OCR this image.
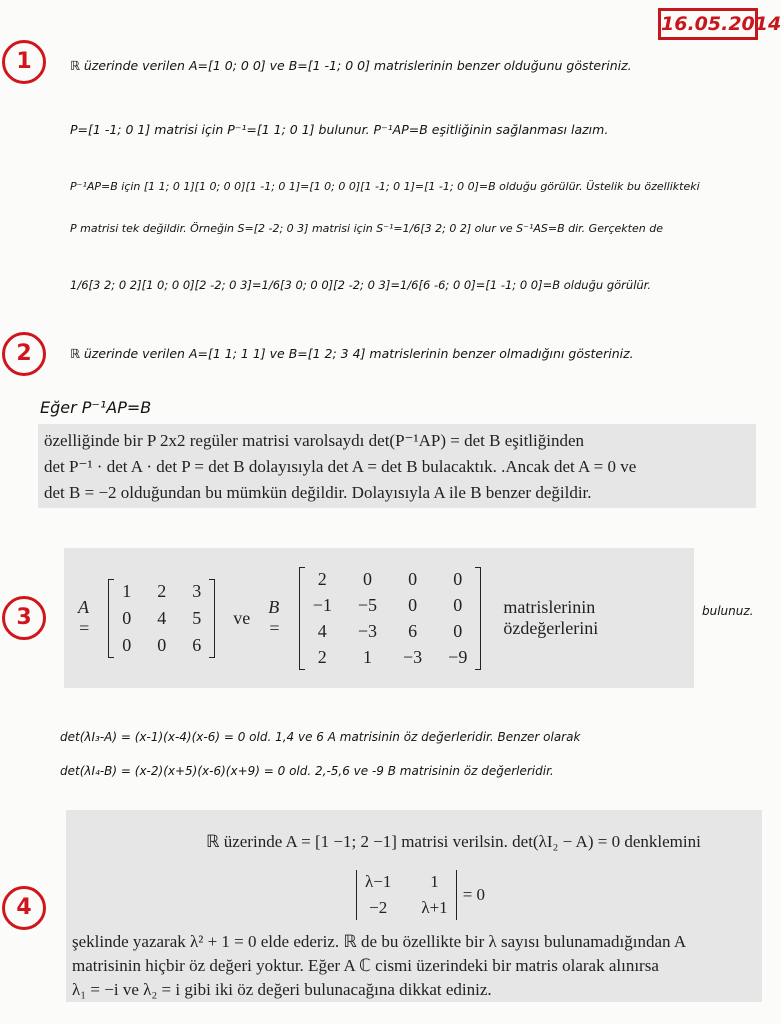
16.05.2014
1	ℝ üzerinde verilen A=[1 0; 0 0] ve B=[1 -1; 0 0] matrislerinin benzer olduğunu gösteriniz.
P=[1 -1; 0 1] matrisi için P⁻¹=[1 1; 0 1] bulunur. P⁻¹AP=B eşitliğinin sağlanması lazım.
P⁻¹AP=B için [1 1; 0 1][1 0; 0 0][1 -1; 0 1]=[1 0; 0 0][1 -1; 0 1]=[1 -1; 0 0]=B olduğu görülür. Üstelik bu özellikteki
P matrisi tek değildir. Örneğin S=[2 -2; 0 3] matrisi için S⁻¹=1/6[3 2; 0 2] olur ve S⁻¹AS=B dir. Gerçekten de
1/6[3 2; 0 2][1 0; 0 0][2 -2; 0 3]=1/6[3 0; 0 0][2 -2; 0 3]=1/6[6 -6; 0 0]=[1 -1; 0 0]=B olduğu görülür.
2	ℝ üzerinde verilen A=[1 1; 1 1] ve B=[1 2; 3 4] matrislerinin benzer olmadığını gösteriniz.
Eğer P⁻¹AP=B
özelliğinde bir P 2x2 regüler matrisi varolsaydı det(P⁻¹AP) = det B eşitliğinden
det P⁻¹ · det A · det P = det B dolayısıyla det A = det B bulacaktık. .Ancak det A = 0 ve
det B = −2 olduğundan bu mümkün değildir. Dolayısıyla A ile B benzer değildir.
3	A =
1 2 3
0 4 5
0 0 6
ve
B =
2 0 0 0
−1 −5 0 0
4 −3 6 0
2 1 −3 −9
matrislerinin özdeğerlerini
bulunuz.
det(λI₃-A) = (x-1)(x-4)(x-6) = 0 old. 1,4 ve 6 A matrisinin öz değerleridir. Benzer olarak
det(λI₄-B) = (x-2)(x+5)(x-6)(x+9) = 0 old. 2,-5,6 ve -9 B matrisinin öz değerleridir.
4
ℝ üzerinde A = [1 −1; 2 −1] matrisi verilsin. det(λI₂ − A) = 0 denklemini
λ−1	1
−2 λ+1
= 0
şeklinde yazarak λ² + 1 = 0 elde ederiz. ℝ de bu özellikte bir λ sayısı bulunamadığından A
matrisinin hiçbir öz değeri yoktur. Eğer A ℂ cismi üzerindeki bir matris olarak alınırsa
λ₁ = −i ve λ₂ = i gibi iki öz değeri bulunacağına dikkat ediniz.
